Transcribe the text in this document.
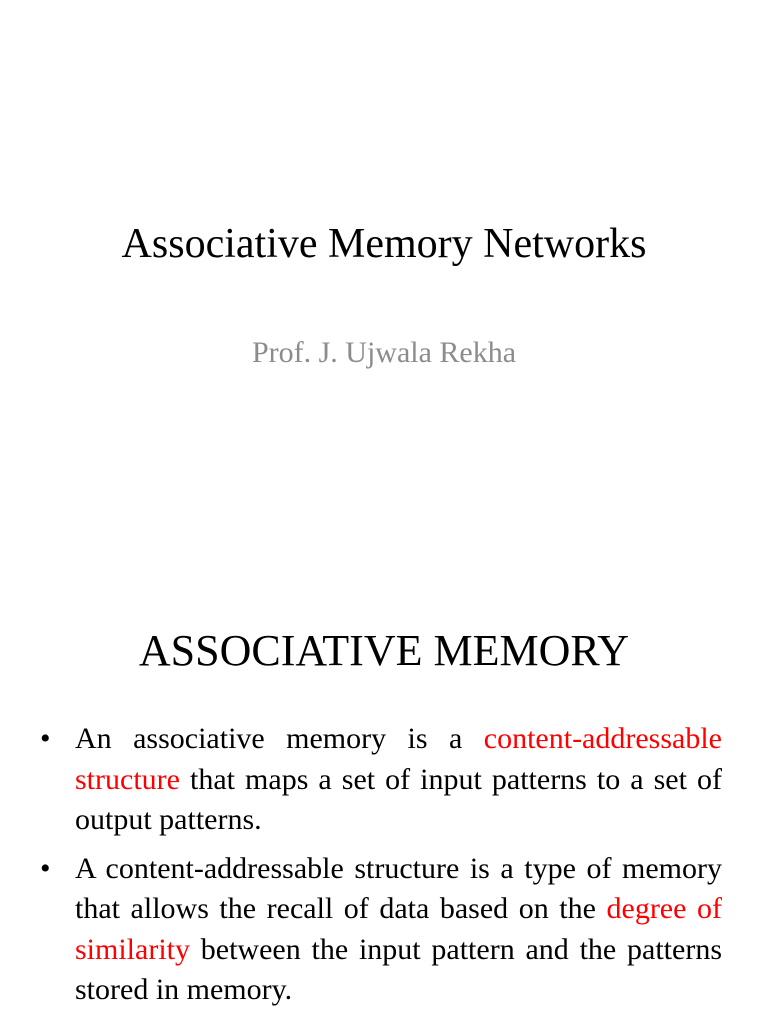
Associative Memory Networks
Prof. J. Ujwala Rekha
ASSOCIATIVE MEMORY
• An associative memory is a content-addressable structure that maps a set of input patterns to a set of output patterns.
• A content-addressable structure is a type of memory that allows the recall of data based on the degree of similarity between the input pattern and the patterns stored in memory.
